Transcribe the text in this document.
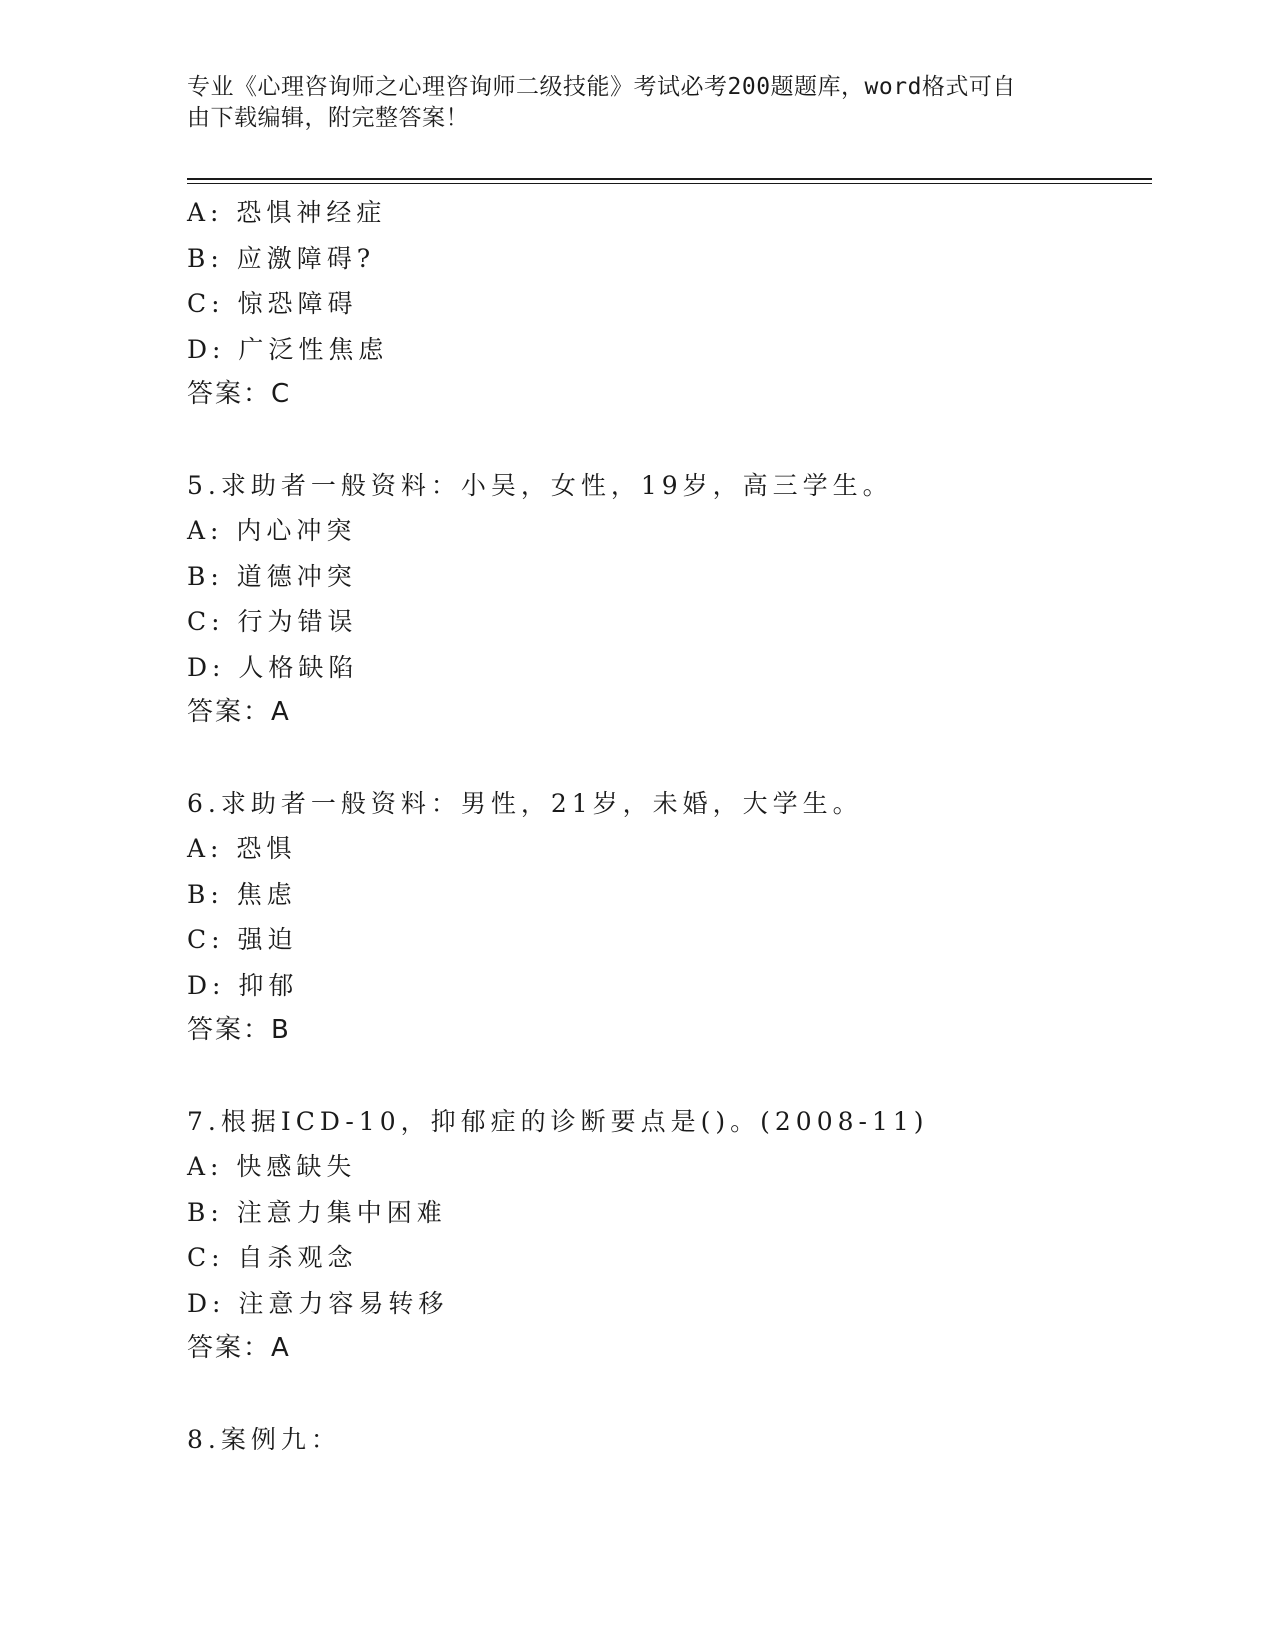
专业《心理咨询师之心理咨询师二级技能》考试必考200题题库，word格式可自
由下载编辑，附完整答案！
A: 恐惧神经症
B: 应激障碍?
C: 惊恐障碍
D: 广泛性焦虑
答案：C
5.求助者一般资料：小吴，女性，19岁，高三学生。
A: 内心冲突
B: 道德冲突
C: 行为错误
D: 人格缺陷
答案：A
6.求助者一般资料：男性，21岁，未婚，大学生。
A: 恐惧
B: 焦虑
C: 强迫
D: 抑郁
答案：B
7.根据ICD-10，抑郁症的诊断要点是()。(2008-11)
A: 快感缺失
B: 注意力集中困难
C: 自杀观念
D: 注意力容易转移
答案：A
8.案例九：
